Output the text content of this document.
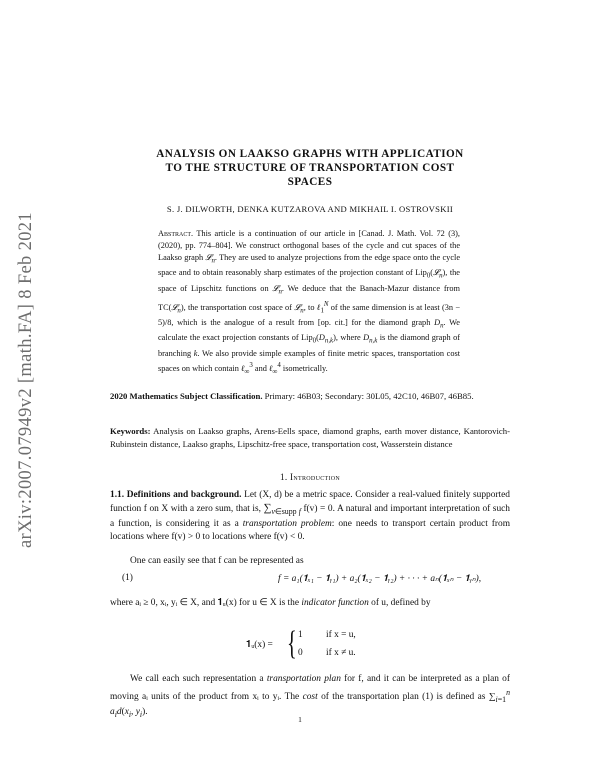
arXiv:2007.07949v2 [math.FA] 8 Feb 2021
ANALYSIS ON LAAKSO GRAPHS WITH APPLICATION
TO THE STRUCTURE OF TRANSPORTATION COST
SPACES
S. J. DILWORTH, DENKA KUTZAROVA AND MIKHAIL I. OSTROVSKII
Abstract. This article is a continuation of our article in [Canad. J. Math. Vol. 72 (3), (2020), pp. 774–804]. We construct orthogonal bases of the cycle and cut spaces of the Laakso graph 𝓛$_n$. They are used to analyze projections from the edge space onto the cycle space and to obtain reasonably sharp estimates of the projection constant of Lip$_0$(𝓛$_n$), the space of Lipschitz functions on 𝓛$_n$. We deduce that the Banach-Mazur distance from TC(𝓛$_n$), the transportation cost space of 𝓛$_n$, to ℓ$_1^N$ of the same dimension is at least (3n − 5)/8, which is the analogue of a result from [op. cit.] for the diamond graph $D_n$. We calculate the exact projection constants of $Lip_0(D_{n,k})$, where $D_{n,k}$ is the diamond graph of branching k. We also provide simple examples of finite metric spaces, transportation cost spaces on which contain ℓ$_\infty^3$ and ℓ$_\infty^4$ isometrically.
2020 Mathematics Subject Classification. Primary: 46B03; Secondary: 30L05, 42C10, 46B07, 46B85.
Keywords: Analysis on Laakso graphs, Arens-Eells space, diamond graphs, earth mover distance, Kantorovich-Rubinstein distance, Laakso graphs, Lipschitz-free space, transportation cost, Wasserstein distance
1. Introduction
1.1. Definitions and background. Let (X, d) be a metric space. Consider a real-valued finitely supported function f on X with a zero sum, that is, $\sum_{v\in supp f}$ f(v) = 0. A natural and important interpretation of such a function, is considering it as a transportation problem: one needs to transport certain product from locations where f(v) > 0 to locations where f(v) < 0.
One can easily see that f can be represented as
(1)	f = a₁(𝟏ₓ₁ − 𝟏ᵧ₁) + a₂(𝟏ₓ₂ − 𝟏ᵧ₂) + · · · + aₙ(𝟏ₓₙ − 𝟏ᵧₙ),
where aᵢ ≥ 0, xᵢ, yᵢ ∈ X, and 𝟏ᵤ(x) for u ∈ X is the indicator function of u, defined by
𝟏ᵤ(x) = { 1 if x = u,
0 if x ≠ u.
We call each such representation a transportation plan for f, and it can be interpreted as a plan of moving aᵢ units of the product from xᵢ to yᵢ. The cost of the transportation plan (1) is defined as $\sum_{i=1}^n$ $a_id(x_i$, $y_i$).
1
